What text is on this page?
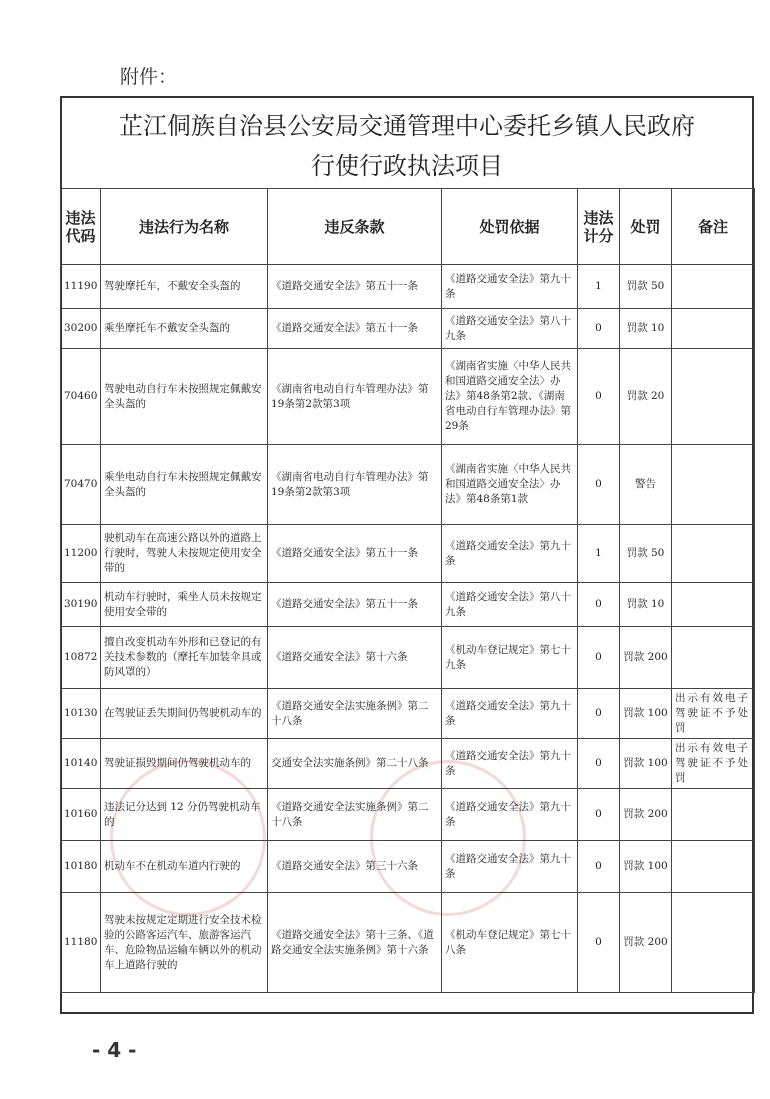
附件：
芷江侗族自治县公安局交通管理中心委托乡镇人民政府
行使行政执法项目
违法代码	违法行为名称	违反条款	处罚依据	违法计分	处罚	备注
11190	驾驶摩托车，不戴安全头盔的	《道路交通安全法》第五十一条	《道路交通安全法》第九十条	1	罚款 50	
30200	乘坐摩托车不戴安全头盔的	《道路交通安全法》第五十一条	《道路交通安全法》第八十九条	0	罚款 10	
70460	驾驶电动自行车未按照规定佩戴安全头盔的	《湖南省电动自行车管理办法》第19条第2款第3项	《湖南省实施〈中华人民共和国道路交通安全法〉办法》第48条第2款、《湖南省电动自行车管理办法》第29条	0	罚款 20	
70470	乘坐电动自行车未按照规定佩戴安全头盔的	《湖南省电动自行车管理办法》第19条第2款第3项	《湖南省实施〈中华人民共和国道路交通安全法〉办法》第48条第1款	0	警告	
11200	驶机动车在高速公路以外的道路上行驶时，驾驶人未按规定使用安全带的	《道路交通安全法》第五十一条	《道路交通安全法》第九十条	1	罚款 50	
30190	机动车行驶时，乘坐人员未按规定使用安全带的	《道路交通安全法》第五十一条	《道路交通安全法》第八十九条	0	罚款 10	
10872	擅自改变机动车外形和已登记的有关技术参数的（摩托车加装伞具或防风罩的）	《道路交通安全法》第十六条	《机动车登记规定》第七十九条	0	罚款 200	
10130	在驾驶证丢失期间仍驾驶机动车的	《道路交通安全法实施条例》第二十八条	《道路交通安全法》第九十条	0	罚款 100	出示有效电子驾驶证不予处罚
10140	驾驶证损毁期间仍驾驶机动车的	交通安全法实施条例》第二十八条	《道路交通安全法》第九十条	0	罚款 100	出示有效电子驾驶证不予处罚
10160	违法记分达到 12 分仍驾驶机动车的	《道路交通安全法实施条例》第二十八条	《道路交通安全法》第九十条	0	罚款 200	
10180	机动车不在机动车道内行驶的	《道路交通安全法》第三十六条	《道路交通安全法》第九十条	0	罚款 100	
11180	驾驶未按规定定期进行安全技术检验的公路客运汽车、旅游客运汽车、危险物品运输车辆以外的机动车上道路行驶的	《道路交通安全法》第十三条、《道路交通安全法实施条例》第十六条	《机动车登记规定》第七十八条	0	罚款 200	
- 4 -
